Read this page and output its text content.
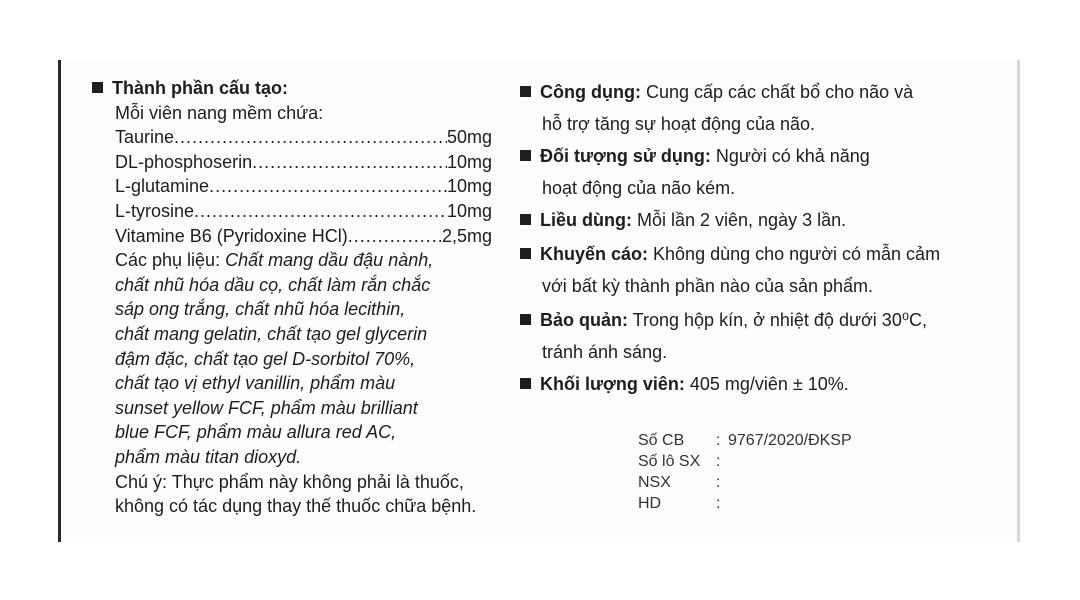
Thành phần cấu tạo:
Mỗi viên nang mềm chứa:
Taurine .....	50mg
DL-phosphoserin .....	10mg
L-glutamine .....	10mg
L-tyrosine .....	10mg
Vitamine B6 (Pyridoxine HCl) .....	2,5mg
Các phụ liệu: Chất mang dầu đậu nành,
chất nhũ hóa dầu cọ, chất làm rắn chắc
sáp ong trắng, chất nhũ hóa lecithin,
chất mang gelatin, chất tạo gel glycerin
đậm đặc, chất tạo gel D-sorbitol 70%,
chất tạo vị ethyl vanillin, phẩm màu
sunset yellow FCF, phẩm màu brilliant
blue FCF, phẩm màu allura red AC,
phẩm màu titan dioxyd.
Chú ý: Thực phẩm này không phải là thuốc,
không có tác dụng thay thế thuốc chữa bệnh.
Công dụng: Cung cấp các chất bổ cho não và
hỗ trợ tăng sự hoạt động của não.
Đối tượng sử dụng: Người có khả năng
hoạt động của não kém.
Liều dùng: Mỗi lần 2 viên, ngày 3 lần.
Khuyến cáo: Không dùng cho người có mẫn cảm
với bất kỳ thành phần nào của sản phẩm.
Bảo quản: Trong hộp kín, ở nhiệt độ dưới 30⁰C,
tránh ánh sáng.
Khối lượng viên: 405 mg/viên ± 10%.
Số CB	: 9767/2020/ĐKSP
Số lô SX :
NSX	:
HD	:
